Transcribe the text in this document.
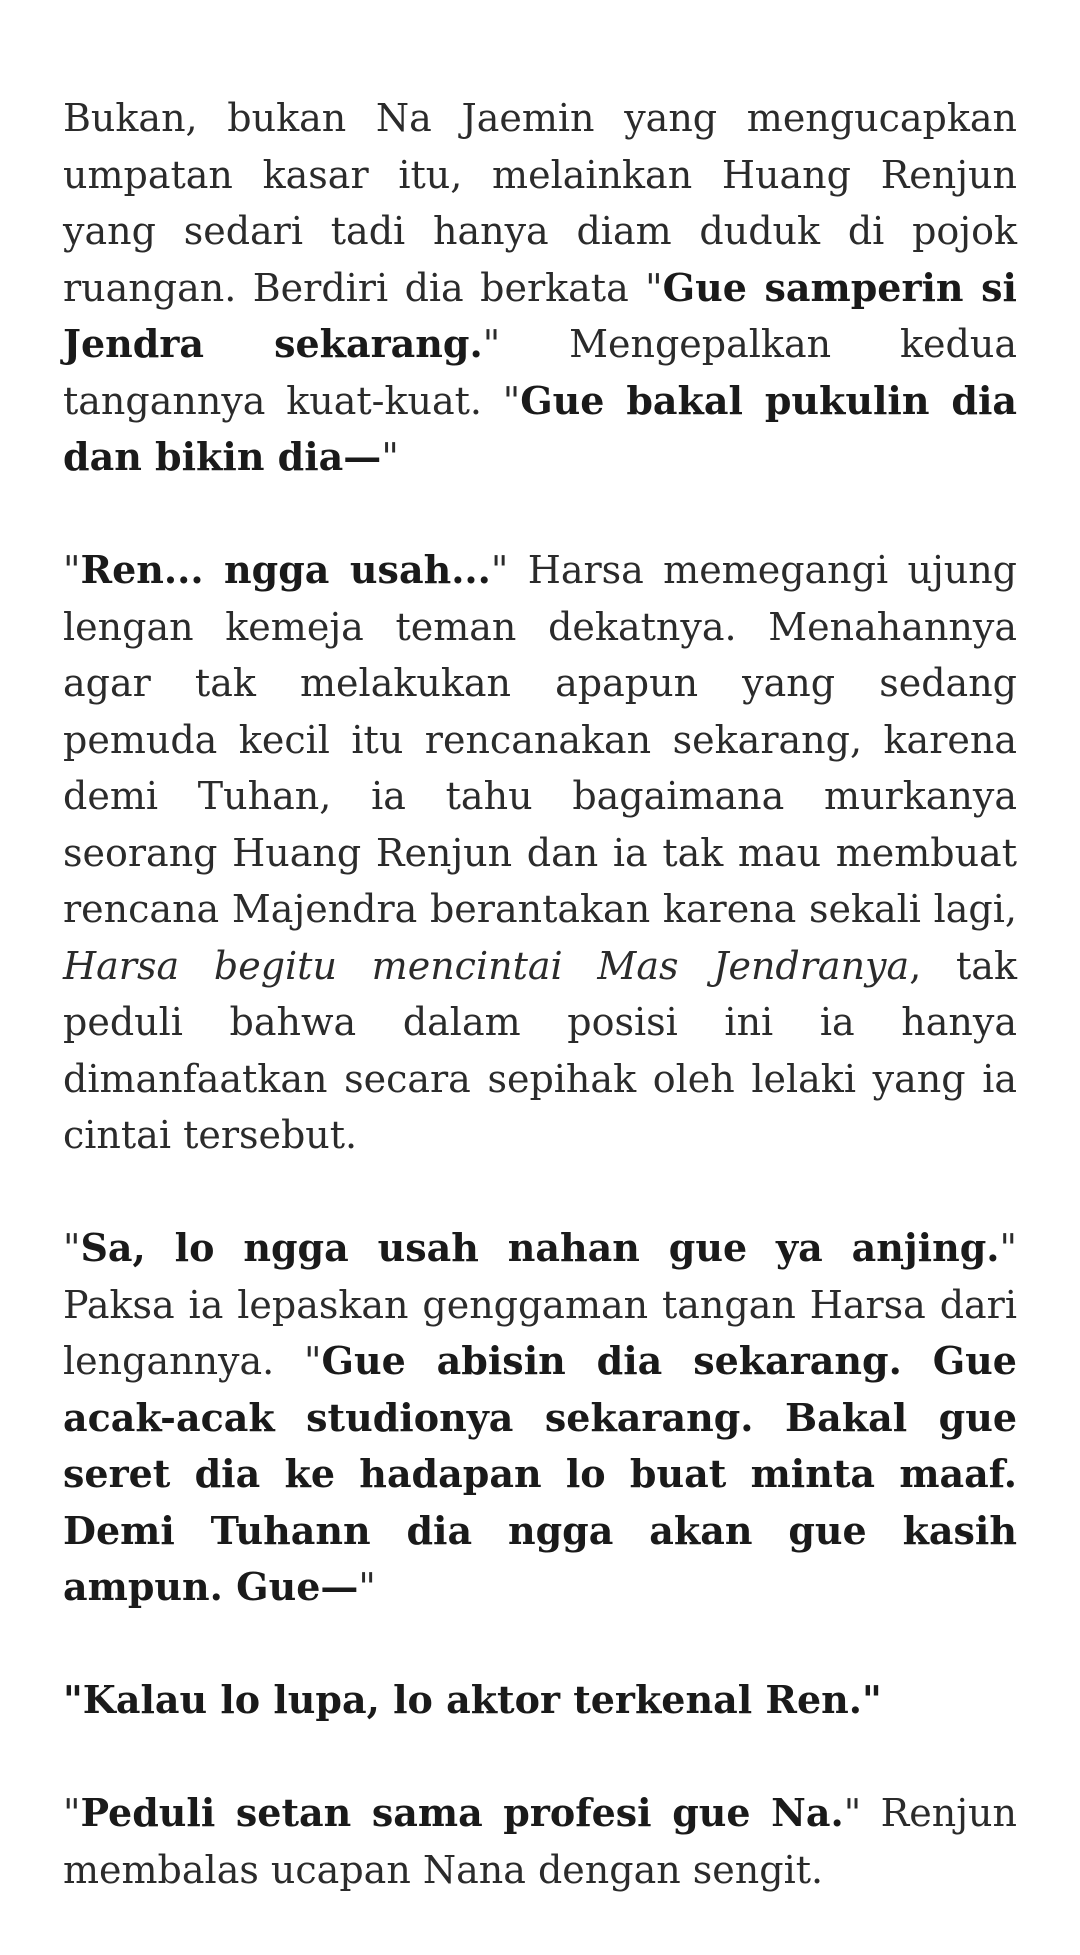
Bukan, bukan Na Jaemin yang mengucapkan umpatan kasar itu, melainkan Huang Renjun yang sedari tadi hanya diam duduk di pojok ruangan. Berdiri dia berkata "Gue samperin si Jendra sekarang." Mengepalkan kedua tangannya kuat-kuat. "Gue bakal pukulin dia dan bikin dia—"

"Ren... ngga usah..." Harsa memegangi ujung lengan kemeja teman dekatnya. Menahannya agar tak melakukan apapun yang sedang pemuda kecil itu rencanakan sekarang, karena demi Tuhan, ia tahu bagaimana murkanya seorang Huang Renjun dan ia tak mau membuat rencana Majendra berantakan karena sekali lagi, Harsa begitu mencintai Mas Jendranya, tak peduli bahwa dalam posisi ini ia hanya dimanfaatkan secara sepihak oleh lelaki yang ia cintai tersebut.

"Sa, lo ngga usah nahan gue ya anjing." Paksa ia lepaskan genggaman tangan Harsa dari lengannya. "Gue abisin dia sekarang. Gue acak-acak studionya sekarang. Bakal gue seret dia ke hadapan lo buat minta maaf. Demi Tuhann dia ngga akan gue kasih ampun. Gue—"

"Kalau lo lupa, lo aktor terkenal Ren."

"Peduli setan sama profesi gue Na." Renjun membalas ucapan Nana dengan sengit.
